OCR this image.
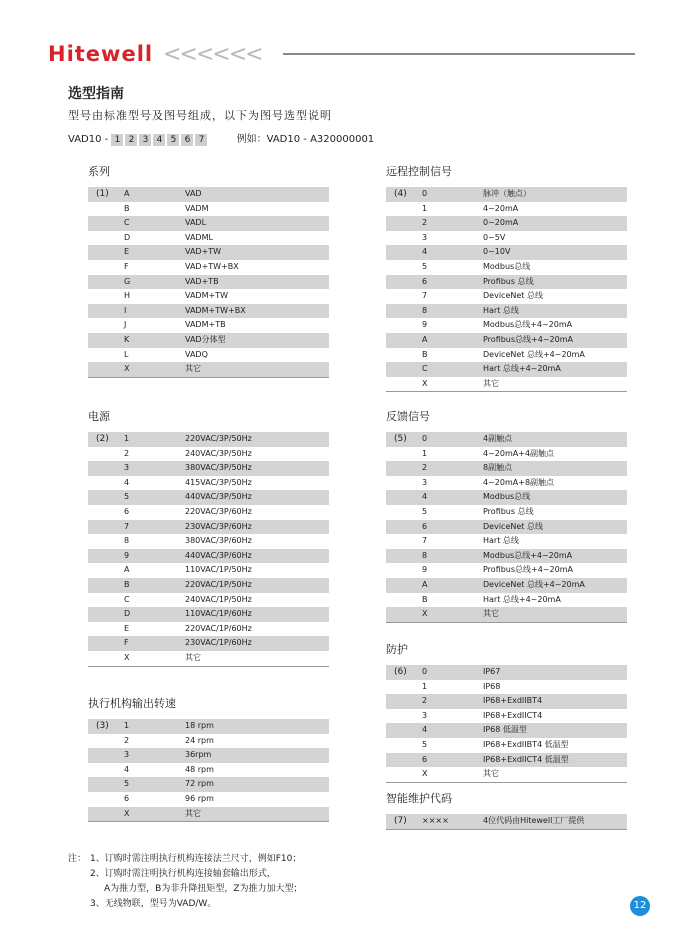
Hitewell <<<<<<
选型指南
型号由标准型号及图号组成，以下为图号选型说明
VAD10 - 1 2 3 4 5 6 7	例如：VAD10 - A320000001
系列
(1) A	VAD
B	VADM
C	VADL
D	VADML
E	VAD+TW
F	VAD+TW+BX
G	VAD+TB
H	VADM+TW
I	VADM+TW+BX
J	VADM+TB
K	VAD分体型
L	VADQ
X	其它
电源
(2) 1	220VAC/3P/50Hz
2	240VAC/3P/50Hz
3	380VAC/3P/50Hz
4	415VAC/3P/50Hz
5	440VAC/3P/50Hz
6	220VAC/3P/60Hz
7	230VAC/3P/60Hz
8	380VAC/3P/60Hz
9	440VAC/3P/60Hz
A	110VAC/1P/50Hz
B	220VAC/1P/50Hz
C	240VAC/1P/50Hz
D	110VAC/1P/60Hz
E	220VAC/1P/60Hz
F	230VAC/1P/60Hz
X	其它
执行机构输出转速
(3) 1	18 rpm
2	24 rpm
3	36rpm
4	48 rpm
5	72 rpm
6	96 rpm
X	其它
远程控制信号
(4) 0	脉冲（触点）
1	4~20mA
2	0~20mA
3	0~5V
4	0~10V
5	Modbus总线
6	Profibus 总线
7	DeviceNet 总线
8	Hart 总线
9	Modbus总线+4~20mA
A	Profibus总线+4~20mA
B	DeviceNet 总线+4~20mA
C	Hart 总线+4~20mA
X	其它
反馈信号
(5) 0	4副触点
1	4~20mA+4副触点
2	8副触点
3	4~20mA+8副触点
4	Modbus总线
5	Profibus 总线
6	DeviceNet 总线
7	Hart 总线
8	Modbus总线+4~20mA
9	Profibus总线+4~20mA
A	DeviceNet 总线+4~20mA
B	Hart 总线+4~20mA
X	其它
防护
(6) 0	IP67
1	IP68
2	IP68+ExdIIBT4
3	IP68+ExdIICT4
4	IP68 低温型
5	IP68+ExdIIBT4 低温型
6	IP68+ExdIICT4 低温型
X	其它
智能维护代码
(7) ××××	4位代码由Hitewell工厂提供
注： 1、订购时需注明执行机构连接法兰尺寸，例如F10；
2、订购时需注明执行机构连接轴套输出形式，
A为推力型，B为非升降扭矩型，Z为推力加大型；
3、无线物联，型号为VAD/W。	12
